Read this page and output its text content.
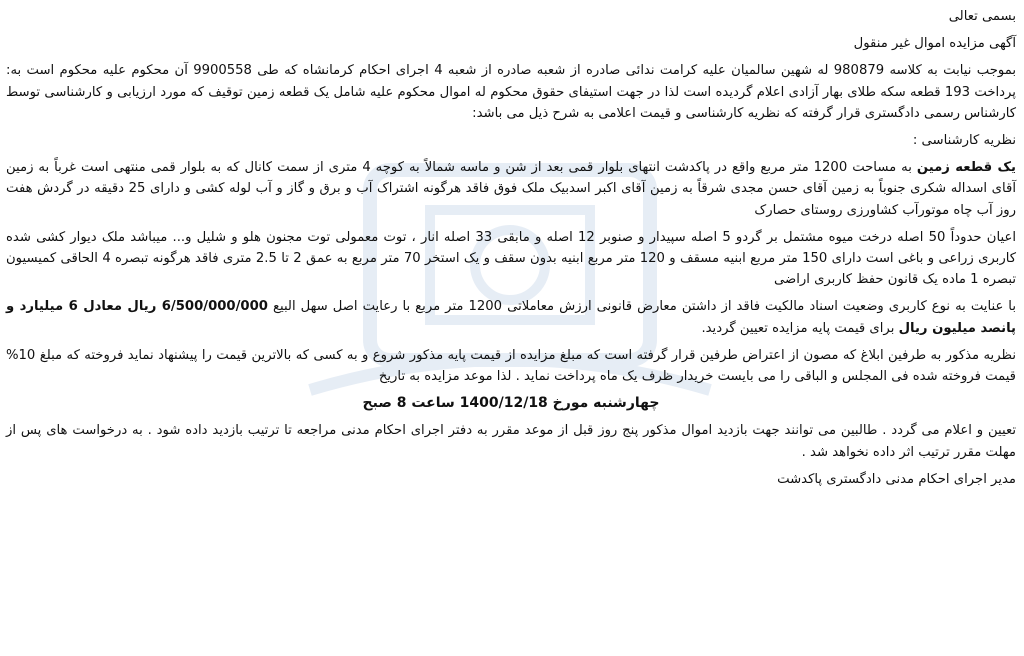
بسمی تعالی

آگهی مزایده اموال غیر منقول

بموجب نیابت به کلاسه 980879 له شهین سالمیان علیه کرامت ندائی صادره از شعبه صادره از شعبه 4 اجرای احکام کرمانشاه که طی 9900558 آن محکوم علیه محکوم است به: پرداخت 193 قطعه سکه طلای بهار آزادی اعلام گردیده است لذا در جهت استیفای حقوق محکوم له اموال محکوم علیه شامل یک قطعه زمین توقیف که مورد ارزیابی و کارشناسی توسط کارشناس رسمی دادگستری قرار گرفته که نظریه کارشناسی و قیمت اعلامی به شرح ذیل می باشد:

نظریه کارشناسی :

یک قطعه زمین به مساحت 1200 متر مربع واقع در پاکدشت انتهای بلوار قمی بعد از شن و ماسه شمالاً به کوچه 4 متری از سمت کانال که به بلوار قمی منتهی است غرباً به زمین آقای اسداله شکری جنوباً به زمین آقای حسن مجدی شرقاً به زمین آقای اکبر اسدبیک ملک فوق فاقد هرگونه اشتراک آب و برق و گاز و آب لوله کشی و دارای 25 دقیقه در گردش هفت روز آب چاه موتورآب کشاورزی روستای حصارک

اعیان حدوداً 50 اصله درخت میوه مشتمل بر گردو 5 اصله سپیدار و صنوبر 12 اصله و مابقی 33 اصله انار ، توت معمولی توت مجنون هلو و شلیل و... میباشد ملک دیوار کشی شده کاربری زراعی و باغی است دارای 150 متر مربع ابنیه مسقف و 120 متر مربع ابنیه بدون سقف و یک استخر 70 متر مربع به عمق 2 تا 2.5 متری فاقد هرگونه تبصره 4 الحاقی کمیسیون تبصره 1 ماده یک قانون حفظ کاربری اراضی

با عنایت به نوع کاربری وضعیت اسناد مالکیت فاقد از داشتن معارض قانونی ارزش معاملاتی 1200 متر مربع با رعایت اصل سهل البیع 6/500/000/000 ریال معادل 6 میلیارد و پانصد میلیون ریال برای قیمت پایه مزایده تعیین گردید.

نظریه مذکور به طرفین ابلاغ که مصون از اعتراض طرفین قرار گرفته است که مبلغ مزایده از قیمت پایه مذکور شروع و به کسی که بالاترین قیمت را پیشنهاد نماید فروخته که مبلغ 10% قیمت فروخته شده فی المجلس و الباقی را می بایست خریدار ظرف یک ماه پرداخت نماید . لذا موعد مزایده به تاریخ

چهارشنبه مورخ 1400/12/18 ساعت 8 صبح

تعیین و اعلام می گردد . طالبین می توانند جهت بازدید اموال مذکور پنج روز قبل از موعد مقرر به دفتر اجرای احکام مدنی مراجعه تا ترتیب بازدید داده شود . به درخواست های پس از مهلت مقرر ترتیب اثر داده نخواهد شد .

مدیر اجرای احکام مدنی دادگستری پاکدشت
